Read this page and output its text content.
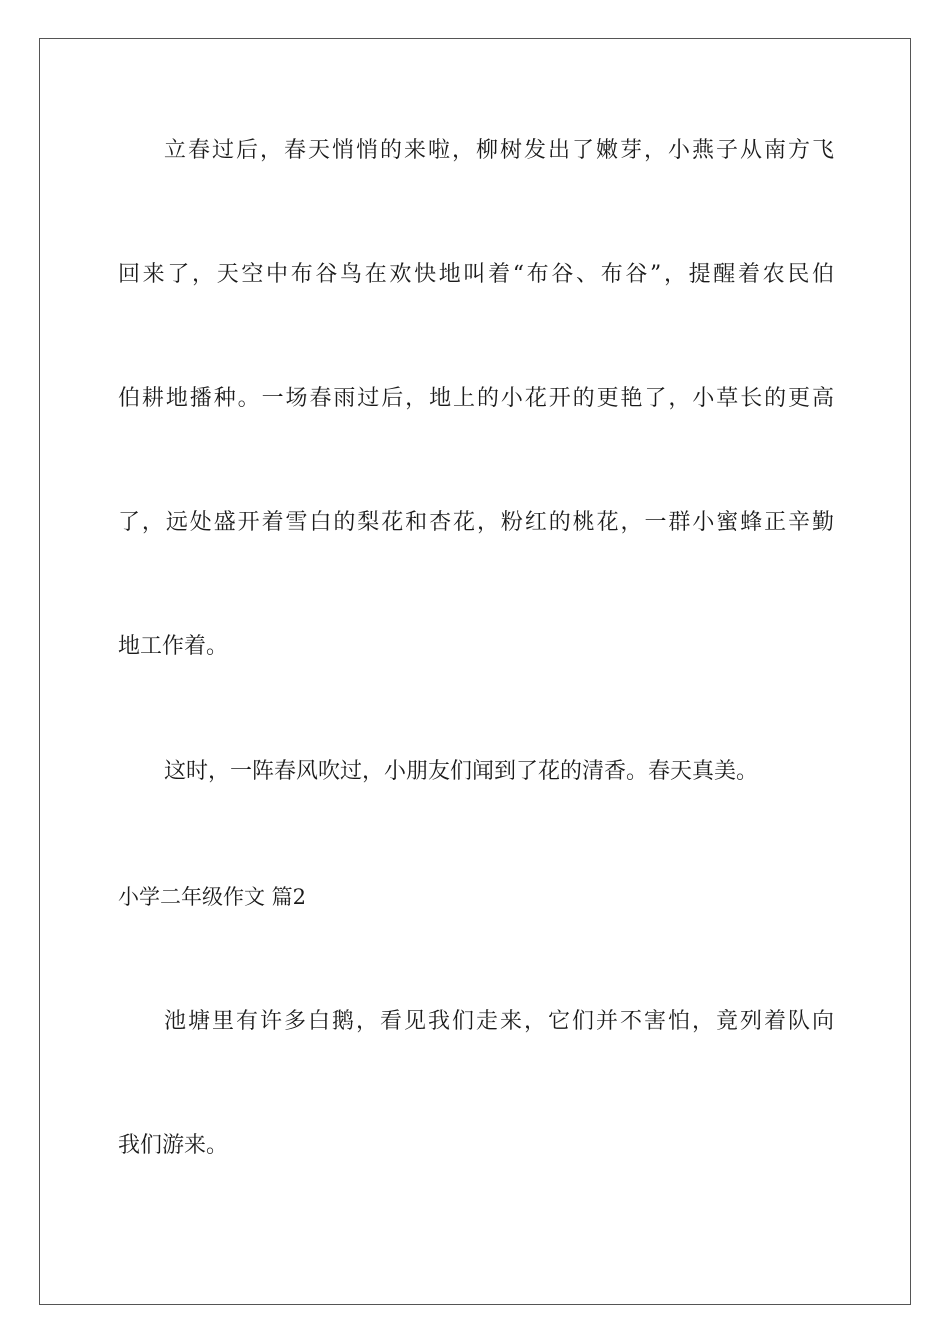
立春过后，春天悄悄的来啦，柳树发出了嫩芽，小燕子从南方飞
回来了，天空中布谷鸟在欢快地叫着“布谷、布谷”，提醒着农民伯
伯耕地播种。一场春雨过后，地上的小花开的更艳了，小草长的更高
了，远处盛开着雪白的梨花和杏花，粉红的桃花，一群小蜜蜂正辛勤
地工作着。
这时，一阵春风吹过，小朋友们闻到了花的清香。春天真美。
小学二年级作文 篇2
池塘里有许多白鹅，看见我们走来，它们并不害怕，竟列着队向
我们游来。
